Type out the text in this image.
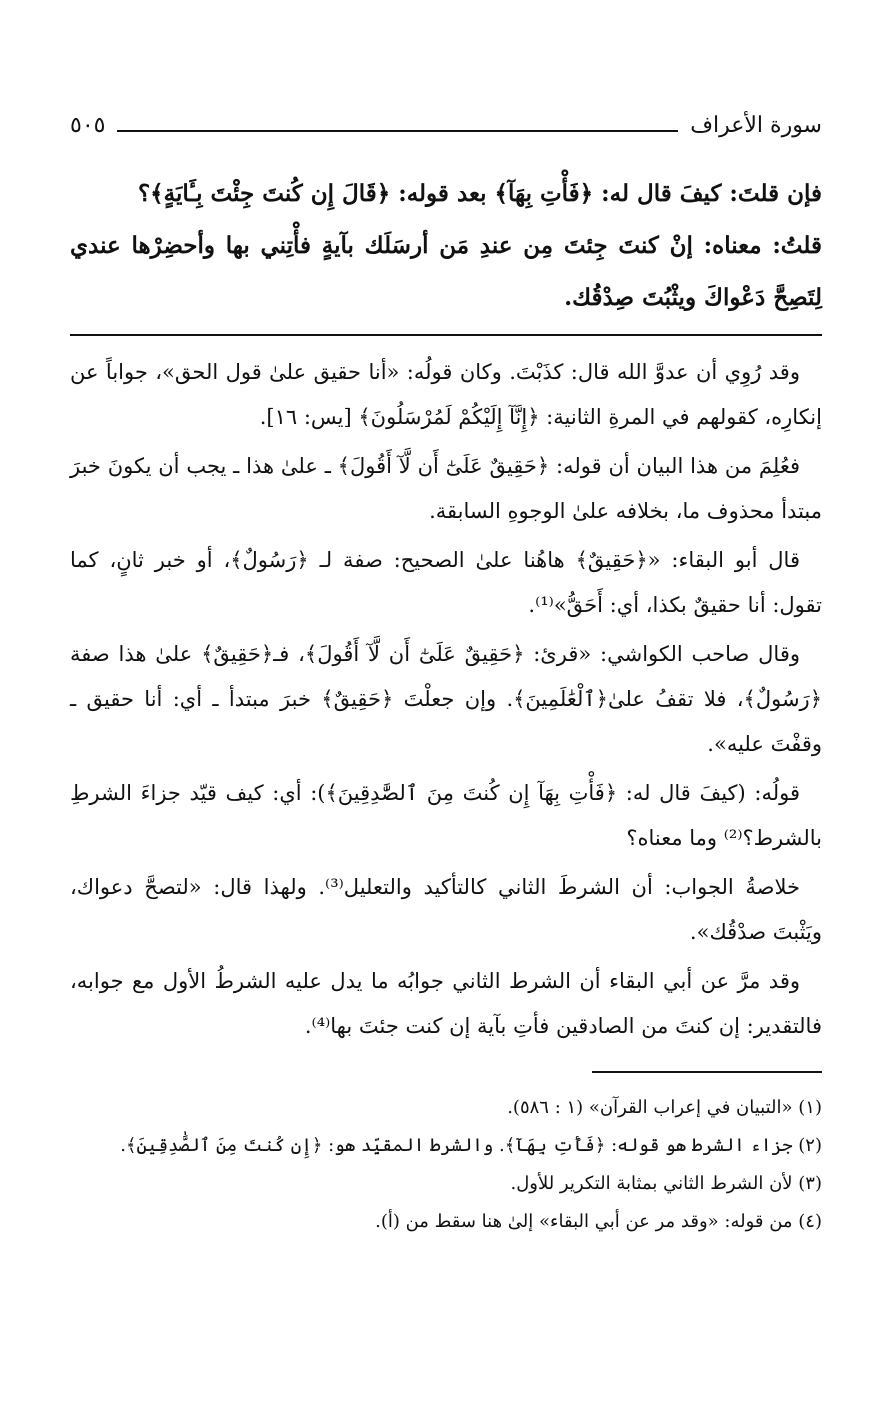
سورة الأعراف
٥٠٥

فإن قلتَ: كيفَ قال له: ﴿فَأْتِ بِهَآ﴾ بعد قوله: ﴿قَالَ إِن كُنتَ جِئْتَ بِـَٔايَةٍ﴾؟

قلتُ: معناه: إنْ كنتَ جِئتَ مِن عندِ مَن أرسَلَك بآيةٍ فأْتِني بها وأحضِرْها عندي لِتَصِحَّ دَعْواكَ ويثْبُتَ صِدْقُك.

وقد رُوِي أن عدوَّ الله قال: كذَبْتَ. وكان قولُه: «أنا حقيق علىٰ قول الحق»، جواباً عن إنكارِه، كقولهم في المرةِ الثانية: ﴿إِنَّآ إِلَيْكُمْ لَمُرْسَلُونَ﴾ [يس: ١٦].

فعُلِمَ من هذا البيان أن قوله: ﴿حَقِيقٌ عَلَىٰٓ أَن لَّآ أَقُولَ﴾ ـ علىٰ هذا ـ يجب أن يكونَ خبرَ مبتدأ محذوف ما، بخلافه علىٰ الوجوهِ السابقة.

قال أبو البقاء: «﴿حَقِيقٌ﴾ هاهُنا علىٰ الصحيح: صفة لـ ﴿رَسُولٌ﴾، أو خبر ثانٍ، كما تقول: أنا حقيقٌ بكذا، أي: أَحَقُّ»⁽¹⁾.

وقال صاحب الكواشي: «قرئ: ﴿حَقِيقٌ عَلَىٰٓ أَن لَّآ أَقُولَ﴾، فـ﴿حَقِيقٌ﴾ علىٰ هذا صفة ﴿رَسُولٌ﴾، فلا تقفُ علىٰ﴿ٱلْعَٰلَمِينَ﴾. وإن جعلْتَ ﴿حَقِيقٌ﴾ خبرَ مبتدأ ـ أي: أنا حقيق ـ وقفْتَ عليه».

قولُه: (كيفَ قال له: ﴿فَأْتِ بِهَآ إِن كُنتَ مِنَ ٱلصَّٰدِقِينَ﴾): أي: كيف قيّد جزاءَ الشرطِ بالشرط؟⁽²⁾ وما معناه؟

خلاصةُ الجواب: أن الشرطَ الثاني كالتأكيد والتعليل⁽³⁾. ولهذا قال: «لتصحَّ دعواك، ويَثْبتَ صدْقُك».

وقد مرَّ عن أبي البقاء أن الشرط الثاني جوابُه ما يدل عليه الشرطُ الأول مع جوابه، فالتقدير: إن كنتَ من الصادقين فأتِ بآية إن كنت جئتَ بها⁽⁴⁾.

(١) «التبيان في إعراب القرآن» (١ : ٥٨٦).

(٢) جزاء الشرط هو قوله: ﴿فَأْتِ بِهَآ﴾. والشرط المقيِّد هو: ﴿إِن كُنتَ مِنَ ٱلصَّٰدِقِينَ﴾.

(٣) لأن الشرط الثاني بمثابة التكرير للأول.

(٤) من قوله: «وقد مر عن أبي البقاء» إلىٰ هنا سقط من (أ).
